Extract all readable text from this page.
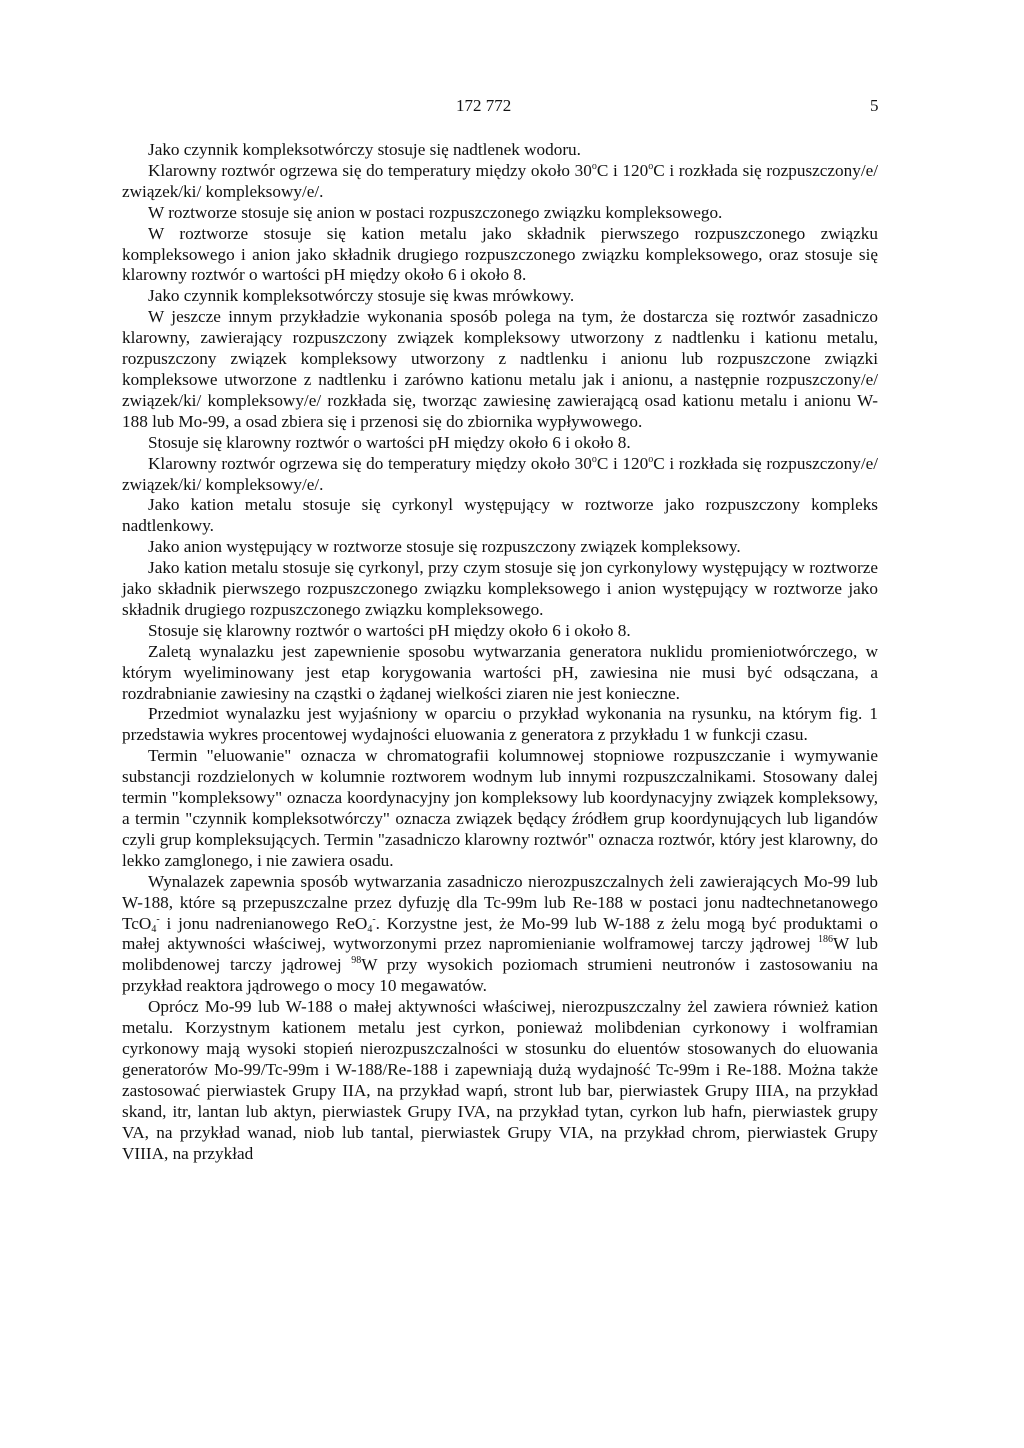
172 772	5

Jako czynnik kompleksotwórczy stosuje się nadtlenek wodoru.

Klarowny roztwór ogrzewa się do temperatury między około 30$^o$C i 120$^o$C i rozkłada się rozpuszczony/e/ związek/ki/ kompleksowy/e/.

W roztworze stosuje się anion w postaci rozpuszczonego związku kompleksowego.

W roztworze stosuje się kation metalu jako składnik pierwszego rozpuszczonego związku kompleksowego i anion jako składnik drugiego rozpuszczonego związku kompleksowego, oraz stosuje się klarowny roztwór o wartości pH między około 6 i około 8.

Jako czynnik kompleksotwórczy stosuje się kwas mrówkowy.

W jeszcze innym przykładzie wykonania sposób polega na tym, że dostarcza się roztwór zasadniczo klarowny, zawierający rozpuszczony związek kompleksowy utworzony z nadtlenku i kationu metalu, rozpuszczony związek kompleksowy utworzony z nadtlenku i anionu lub rozpuszczone związki kompleksowe utworzone z nadtlenku i zarówno kationu metalu jak i anionu, a następnie rozpuszczony/e/ związek/ki/ kompleksowy/e/ rozkłada się, tworząc zawiesinę zawierającą osad kationu metalu i anionu W-188 lub Mo-99, a osad zbiera się i przenosi się do zbiornika wypływowego.

Stosuje się klarowny roztwór o wartości pH między około 6 i około 8.

Klarowny roztwór ogrzewa się do temperatury między około 30$^o$C i 120$^o$C i rozkłada się rozpuszczony/e/ związek/ki/ kompleksowy/e/.

Jako kation metalu stosuje się cyrkonyl występujący w roztworze jako rozpuszczony kompleks nadtlenkowy.

Jako anion występujący w roztworze stosuje się rozpuszczony związek kompleksowy.

Jako kation metalu stosuje się cyrkonyl, przy czym stosuje się jon cyrkonylowy występujący w roztworze jako składnik pierwszego rozpuszczonego związku kompleksowego i anion występujący w roztworze jako składnik drugiego rozpuszczonego związku kompleksowego.

Stosuje się klarowny roztwór o wartości pH między około 6 i około 8.

Zaletą wynalazku jest zapewnienie sposobu wytwarzania generatora nuklidu promieniotwórczego, w którym wyeliminowany jest etap korygowania wartości pH, zawiesina nie musi być odsączana, a rozdrabnianie zawiesiny na cząstki o żądanej wielkości ziaren nie jest konieczne.

Przedmiot wynalazku jest wyjaśniony w oparciu o przykład wykonania na rysunku, na którym fig. 1 przedstawia wykres procentowej wydajności eluowania z generatora z przykładu 1 w funkcji czasu.

Termin "eluowanie" oznacza w chromatografii kolumnowej stopniowe rozpuszczanie i wymywanie substancji rozdzielonych w kolumnie roztworem wodnym lub innymi rozpuszczalnikami. Stosowany dalej termin "kompleksowy" oznacza koordynacyjny jon kompleksowy lub koordynacyjny związek kompleksowy, a termin "czynnik kompleksotwórczy" oznacza związek będący źródłem grup koordynujących lub ligandów czyli grup kompleksujących. Termin "zasadniczo klarowny roztwór" oznacza roztwór, który jest klarowny, do lekko zamglonego, i nie zawiera osadu.

Wynalazek zapewnia sposób wytwarzania zasadniczo nierozpuszczalnych żeli zawierających Mo-99 lub W-188, które są przepuszczalne przez dyfuzję dla Tc-99m lub Re-188 w postaci jonu nadtechnetanowego TcO$_4$- i jonu nadrenianowego ReO$_4$-. Korzystne jest, że Mo-99 lub W-188 z żelu mogą być produktami o małej aktywności właściwej, wytworzonymi przez napromienianie wolframowej tarczy jądrowej $^{186}$W lub molibdenowej tarczy jądrowej $^{98}$W przy wysokich poziomach strumieni neutronów i zastosowaniu na przykład reaktora jądrowego o mocy 10 megawatów.

Oprócz Mo-99 lub W-188 o małej aktywności właściwej, nierozpuszczalny żel zawiera również kation metalu. Korzystnym kationem metalu jest cyrkon, ponieważ molibdenian cyrkonowy i wolframian cyrkonowy mają wysoki stopień nierozpuszczalności w stosunku do eluentów stosowanych do eluowania generatorów Mo-99/Tc-99m i W-188/Re-188 i zapewniają dużą wydajność Tc-99m i Re-188. Można także zastosować pierwiastek Grupy IIA, na przykład wapń, stront lub bar, pierwiastek Grupy IIIA, na przykład skand, itr, lantan lub aktyn, pierwiastek Grupy IVA, na przykład tytan, cyrkon lub hafn, pierwiastek grupy VA, na przykład wanad, niob lub tantal, pierwiastek Grupy VIA, na przykład chrom, pierwiastek Grupy VIIIA, na przykład
